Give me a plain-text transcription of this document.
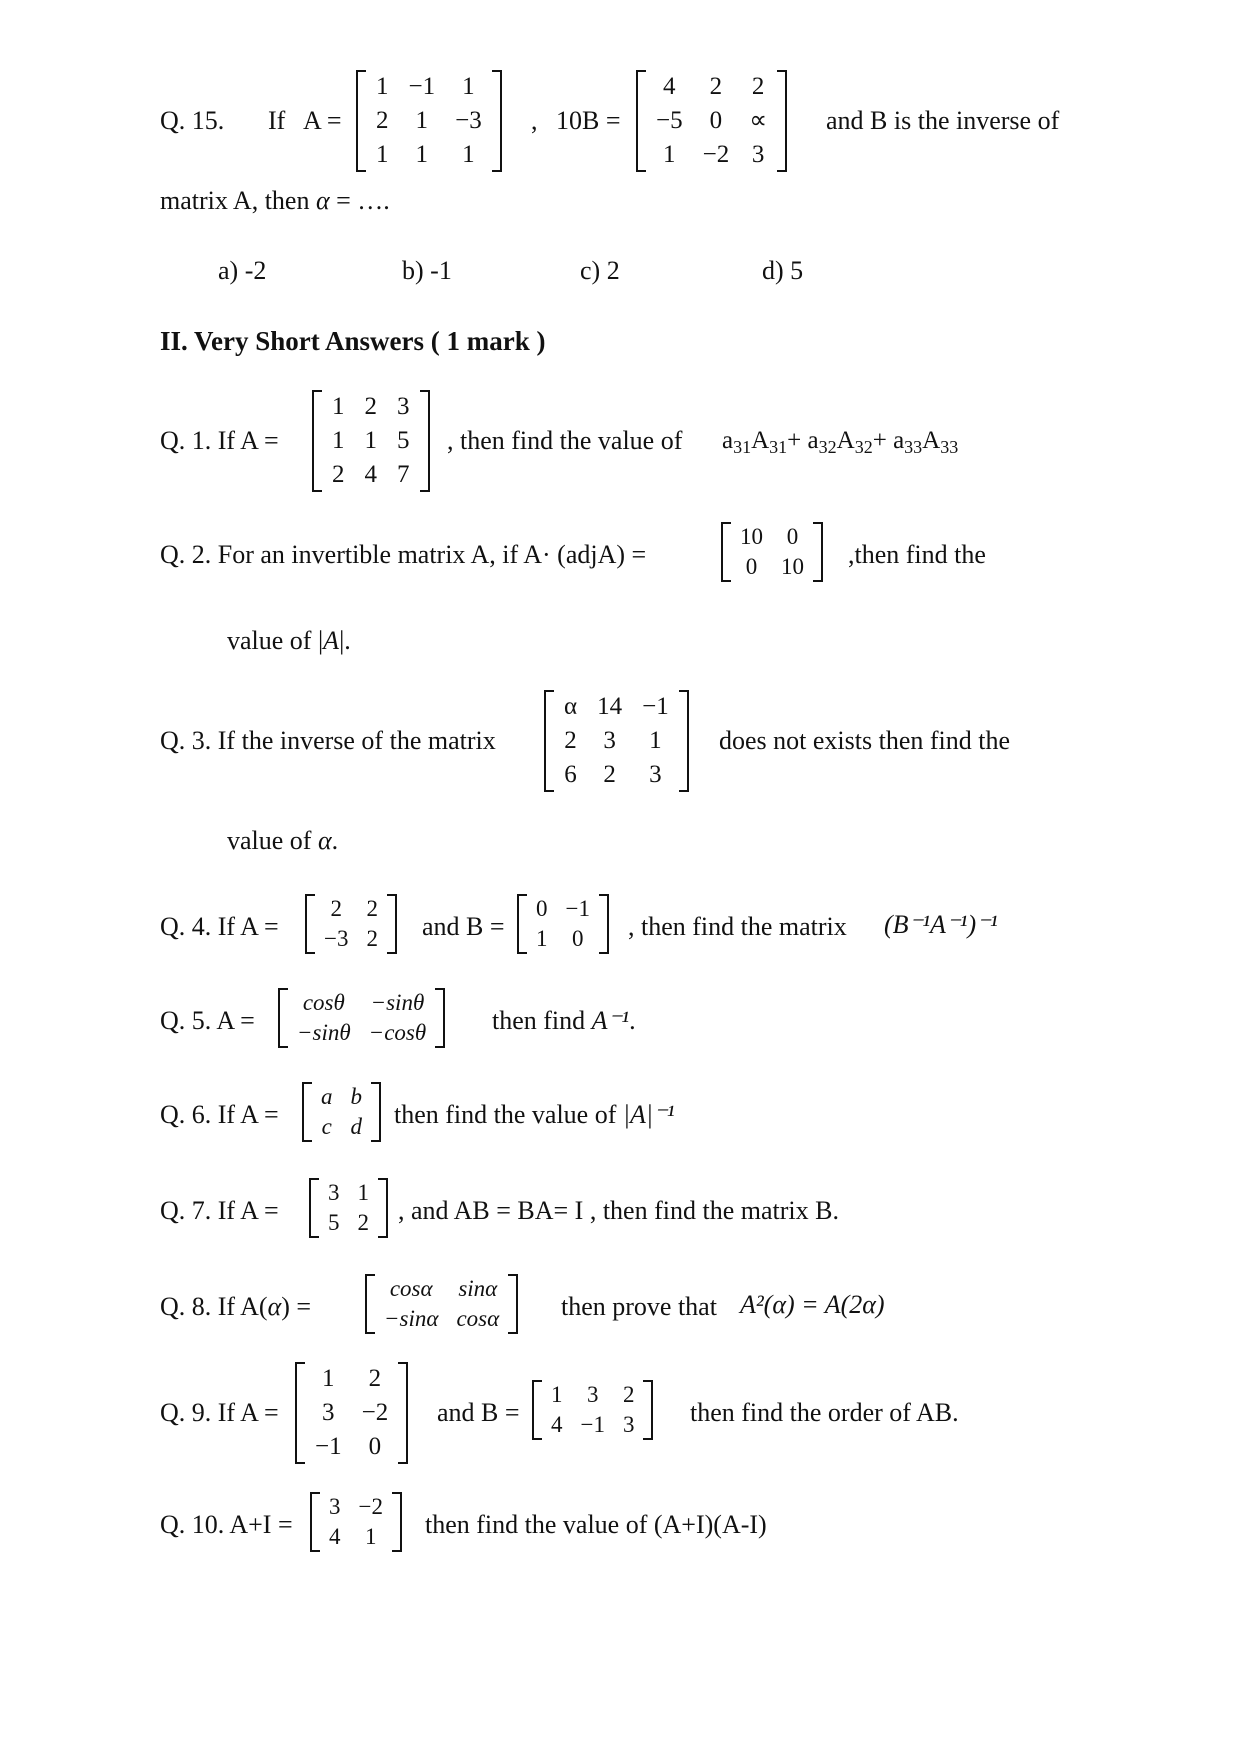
Q. 15. If A =
1	−1	1
2	1	−3
1	1	1
, 10B =
4	2	2
−5	0	∝
1	−2	3
and B is the inverse of
matrix A, then α = ….
a) -2	b) -1	c) 2	d) 5
II. Very Short Answers ( 1 mark )
Q. 1. If A =
1	2	3
1	1	5
2	4	7
, then find the value of $a_{31}A_{31}+ a_{32}A_{32}+ a_{33}A_{33}$
Q. 2. For an invertible matrix A, if A· (adjA) =
10	0
0	10 ,then find the
value of |A|.
Q. 3. If the inverse of the matrix
α	14	−1
2	3	1
6	2	3
does not exists then find the
value of α.
Q. 4. If A =
2	2
−3	2 and B =
0	−1
1	0 , then find the matrix (B⁻¹A⁻¹)⁻¹
Q. 5. A =
cosθ	−sinθ
−sinθ	−cosθ	then find A⁻¹.
Q. 6. If A =
a	b
c	d then find the value of |A|⁻¹
Q. 7. If A =
3	1
5	2 , and AB = BA= I , then find the matrix B.
Q. 8. If A(α) =
cosα	sinα
−sinα	cosα then prove that A²(α) = A(2α)
Q. 9. If A =
1	2
3	−2
−1	0
and B =
1	3	2
4	−1	3 then find the order of AB.
Q. 10. A+I =
3	−2
4	1 then find the value of (A+I)(A-I)
